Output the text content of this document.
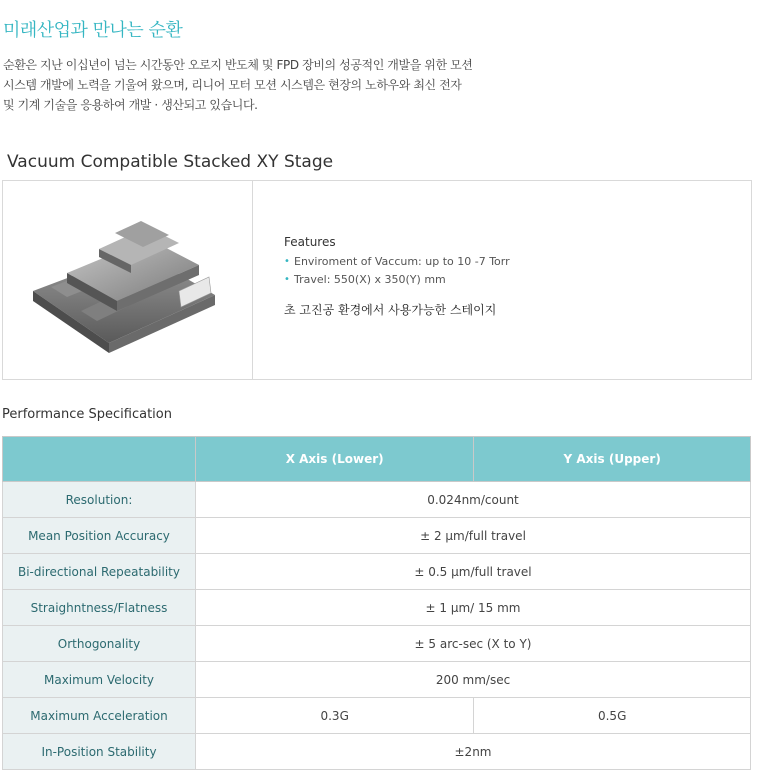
미래산업과 만나는 순환
순환은 지난 이십년이 넘는 시간동안 오로지 반도체 및 FPD 장비의 성공적인 개발을 위한 모션
시스템 개발에 노력을 기울여 왔으며, 리니어 모터 모션 시스템은 현장의 노하우와 최신 전자
및 기계 기술을 응용하여 개발 · 생산되고 있습니다.
Vacuum Compatible Stacked XY Stage
Features
• Enviroment of Vaccum: up to 10 -7 Torr
• Travel: 550(X) x 350(Y) mm
초 고진공 환경에서 사용가능한 스테이지
Performance Specification
	X Axis (Lower)	Y Axis (Upper)
Resolution:	0.024nm/count	
Mean Position Accuracy	± 2 μm/full travel	
Bi-directional Repeatability	± 0.5 μm/full travel	
Straighntness/Flatness	± 1 μm/ 15 mm	
Orthogonality	± 5 arc-sec (X to Y)	
Maximum Velocity	200 mm/sec	
Maximum Acceleration	0.3G	0.5G
In-Position Stability	±2nm	
